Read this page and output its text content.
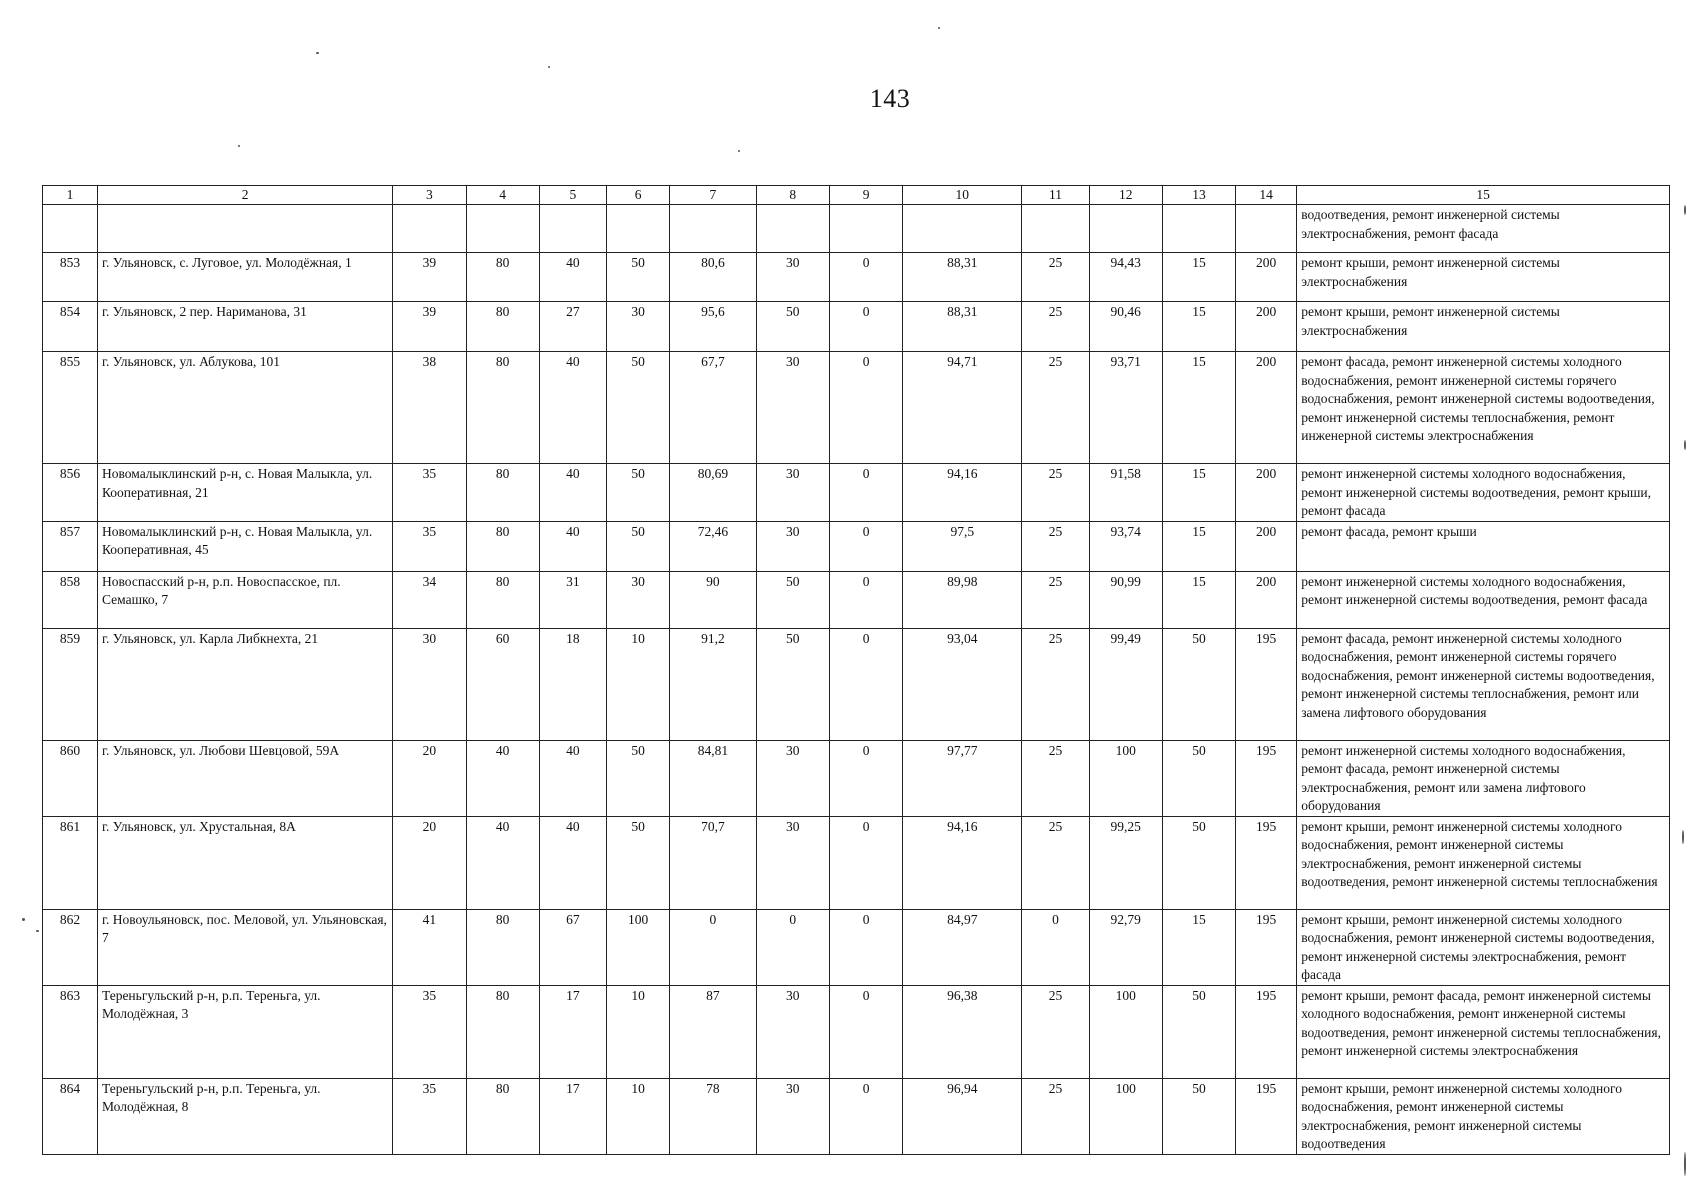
143
1	2	3	4	5	6	7	8	9	10	11	12	13	14	15
														водоотведения, ремонт инженерной системы электроснабжения, ремонт фасада
853	г. Ульяновск, с. Луговое, ул. Молодёжная, 1	39	80	40	50	80,6	30	0	88,31	25	94,43	15	200	ремонт крыши, ремонт инженерной системы электроснабжения
854	г. Ульяновск, 2 пер. Нариманова, 31	39	80	27	30	95,6	50	0	88,31	25	90,46	15	200	ремонт крыши, ремонт инженерной системы электроснабжения
855	г. Ульяновск, ул. Аблукова, 101	38	80	40	50	67,7	30	0	94,71	25	93,71	15	200	ремонт фасада, ремонт инженерной системы холодного водоснабжения, ремонт инженерной системы горячего водоснабжения, ремонт инженерной системы водоотведения, ремонт инженерной системы теплоснабжения, ремонт инженерной системы электроснабжения
856	Новомалыклинский р-н, с. Новая Малыкла, ул. Кооперативная, 21	35	80	40	50	80,69	30	0	94,16	25	91,58	15	200	ремонт инженерной системы холодного водоснабжения, ремонт инженерной системы водоотведения, ремонт крыши, ремонт фасада
857	Новомалыклинский р-н, с. Новая Малыкла, ул. Кооперативная, 45	35	80	40	50	72,46	30	0	97,5	25	93,74	15	200	ремонт фасада, ремонт крыши
858	Новоспасский р-н, р.п. Новоспасское, пл. Семашко, 7	34	80	31	30	90	50	0	89,98	25	90,99	15	200	ремонт инженерной системы холодного водоснабжения, ремонт инженерной системы водоотведения, ремонт фасада
859	г. Ульяновск, ул. Карла Либкнехта, 21	30	60	18	10	91,2	50	0	93,04	25	99,49	50	195	ремонт фасада, ремонт инженерной системы холодного водоснабжения, ремонт инженерной системы горячего водоснабжения, ремонт инженерной системы водоотведения, ремонт инженерной системы теплоснабжения, ремонт или замена лифтового оборудования
860	г. Ульяновск, ул. Любови Шевцовой, 59А	20	40	40	50	84,81	30	0	97,77	25	100	50	195	ремонт инженерной системы холодного водоснабжения, ремонт фасада, ремонт инженерной системы электроснабжения, ремонт или замена лифтового оборудования
861	г. Ульяновск, ул. Хрустальная, 8А	20	40	40	50	70,7	30	0	94,16	25	99,25	50	195	ремонт крыши, ремонт инженерной системы холодного водоснабжения, ремонт инженерной системы электроснабжения, ремонт инженерной системы водоотведения, ремонт инженерной системы теплоснабжения
862	г. Новоульяновск, пос. Меловой, ул. Ульяновская, 7	41	80	67	100	0	0	0	84,97	0	92,79	15	195	ремонт крыши, ремонт инженерной системы холодного водоснабжения, ремонт инженерной системы водоотведения, ремонт инженерной системы электроснабжения, ремонт фасада
863	Тереньгульский р-н, р.п. Тереньга, ул. Молодёжная, 3	35	80	17	10	87	30	0	96,38	25	100	50	195	ремонт крыши, ремонт фасада, ремонт инженерной системы холодного водоснабжения, ремонт инженерной системы водоотведения, ремонт инженерной системы теплоснабжения, ремонт инженерной системы электроснабжения
864	Тереньгульский р-н, р.п. Тереньга, ул. Молодёжная, 8	35	80	17	10	78	30	0	96,94	25	100	50	195	ремонт крыши, ремонт инженерной системы холодного водоснабжения, ремонт инженерной системы электроснабжения, ремонт инженерной системы водоотведения
